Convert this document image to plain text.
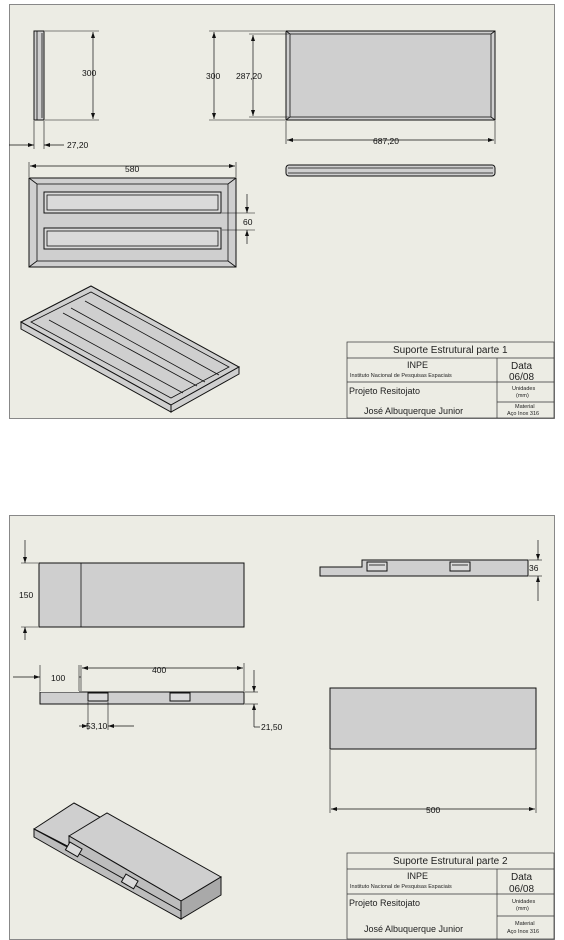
300
27,20
300 287,20
687,20
580
60
Suporte Estrutural parte 1
INPE
Instituto Nacional de Pesquisas Espaciais
Data
06/08
Projeto Resitojato	Unidades
(mm)
José Albuquerque Junior	Material
Aço Inox 316
150
36
100
400
53,10	21,50
500
Suporte Estrutural parte 2
INPE
Instituto Nacional de Pesquisas Espaciais
Data
06/08
Projeto Resitojato	Unidades
(mm)
José Albuquerque Junior	Material
Aço Inox 316
